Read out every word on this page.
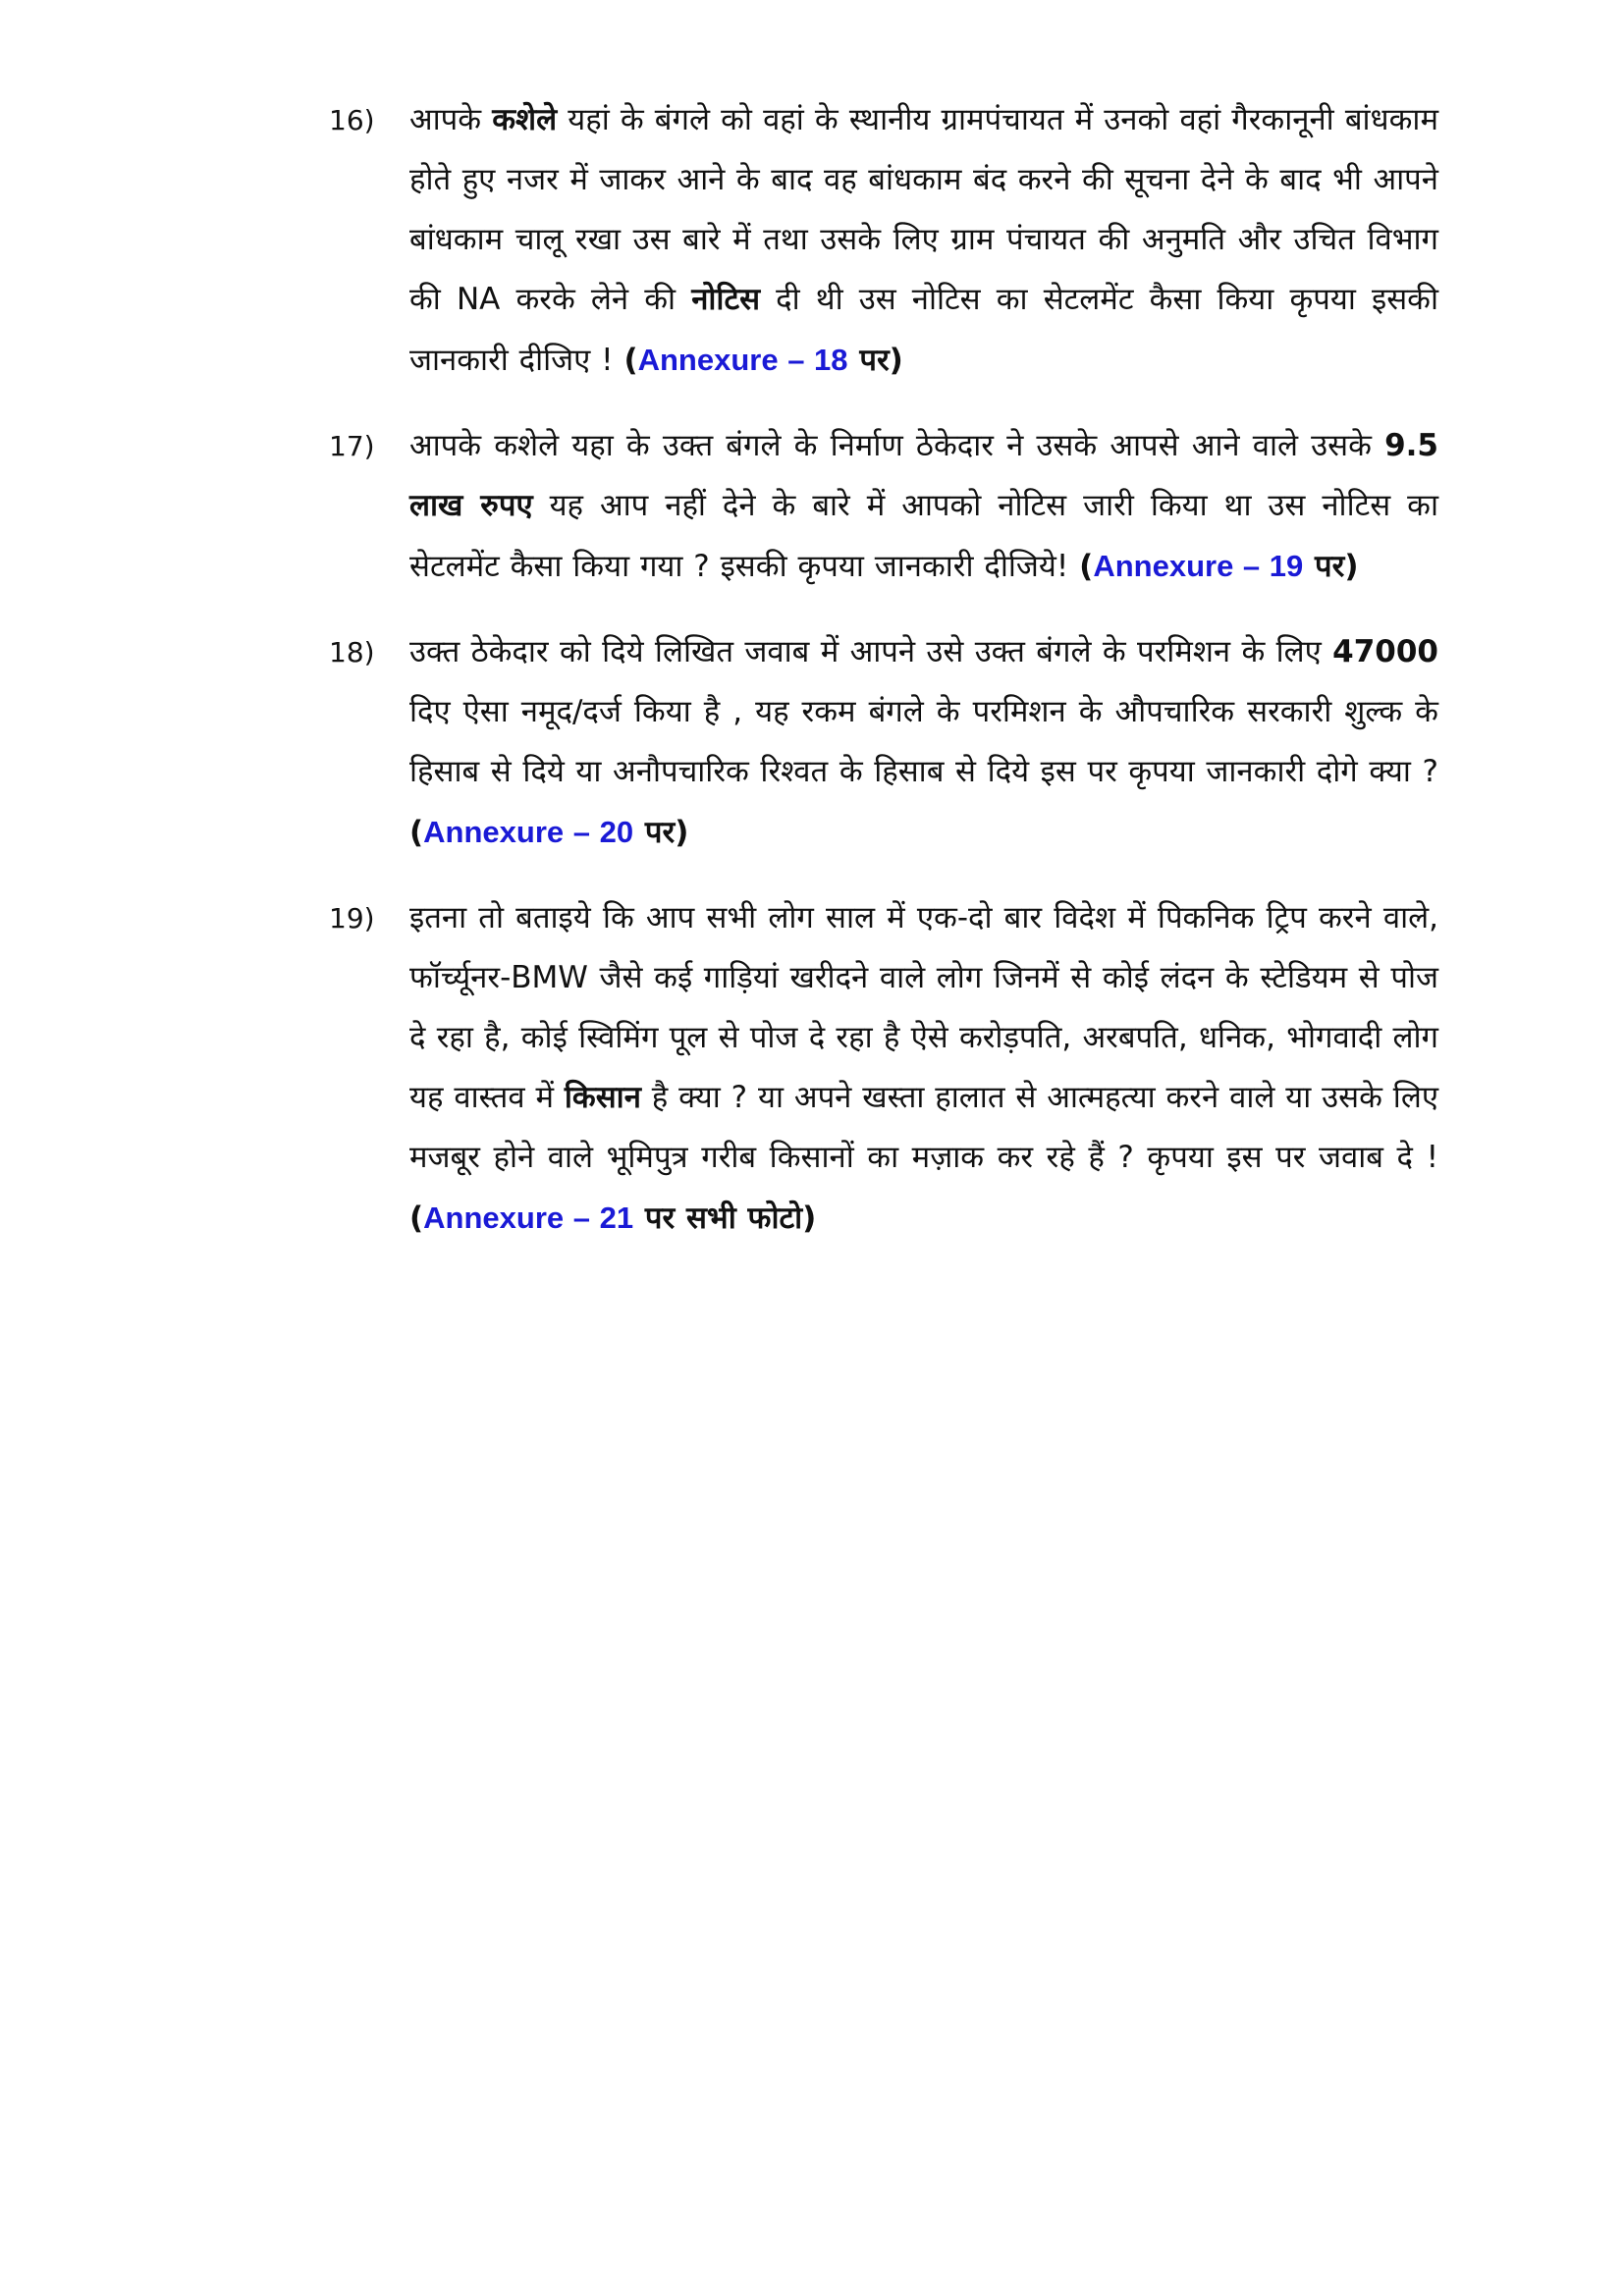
16)	आपके कशेले यहां के बंगले को वहां के स्थानीय ग्रामपंचायत में उनको वहां गैरकानूनी बांधकाम होते हुए नजर में जाकर आने के बाद वह बांधकाम बंद करने की सूचना देने के बाद भी आपने बांधकाम चालू रखा उस बारे में तथा उसके लिए ग्राम पंचायत की अनुमति और उचित विभाग की NA करके लेने की नोटिस दी थी उस नोटिस का सेटलमेंट कैसा किया कृपया इसकी जानकारी दीजिए ! (Annexure – 18 पर)
17)	आपके कशेले यहा के उक्त बंगले के निर्माण ठेकेदार ने उसके आपसे आने वाले उसके 9.5 लाख रुपए यह आप नहीं देने के बारे में आपको नोटिस जारी किया था उस नोटिस का सेटलमेंट कैसा किया गया ? इसकी कृपया जानकारी दीजिये! (Annexure – 19 पर)
18)	उक्त ठेकेदार को दिये लिखित जवाब में आपने उसे उक्त बंगले के परमिशन के लिए 47000 दिए ऐसा नमूद/दर्ज किया है , यह रकम बंगले के परमिशन के औपचारिक सरकारी शुल्क के हिसाब से दिये या अनौपचारिक रिश्वत के हिसाब से दिये इस पर कृपया जानकारी दोगे क्या ? (Annexure – 20 पर)
19)	इतना तो बताइये कि आप सभी लोग साल में एक-दो बार विदेश में पिकनिक ट्रिप करने वाले, फॉर्च्यूनर-BMW जैसे कई गाड़ियां खरीदने वाले लोग जिनमें से कोई लंदन के स्टेडियम से पोज दे रहा है, कोई स्विमिंग पूल से पोज दे रहा है ऐसे करोड़पति, अरबपति, धनिक, भोगवादी लोग यह वास्तव में किसान है क्या ? या अपने खस्ता हालात से आत्महत्या करने वाले या उसके लिए मजबूर होने वाले भूमिपुत्र गरीब किसानों का मज़ाक कर रहे हैं ? कृपया इस पर जवाब दे ! (Annexure – 21 पर सभी फोटो)
